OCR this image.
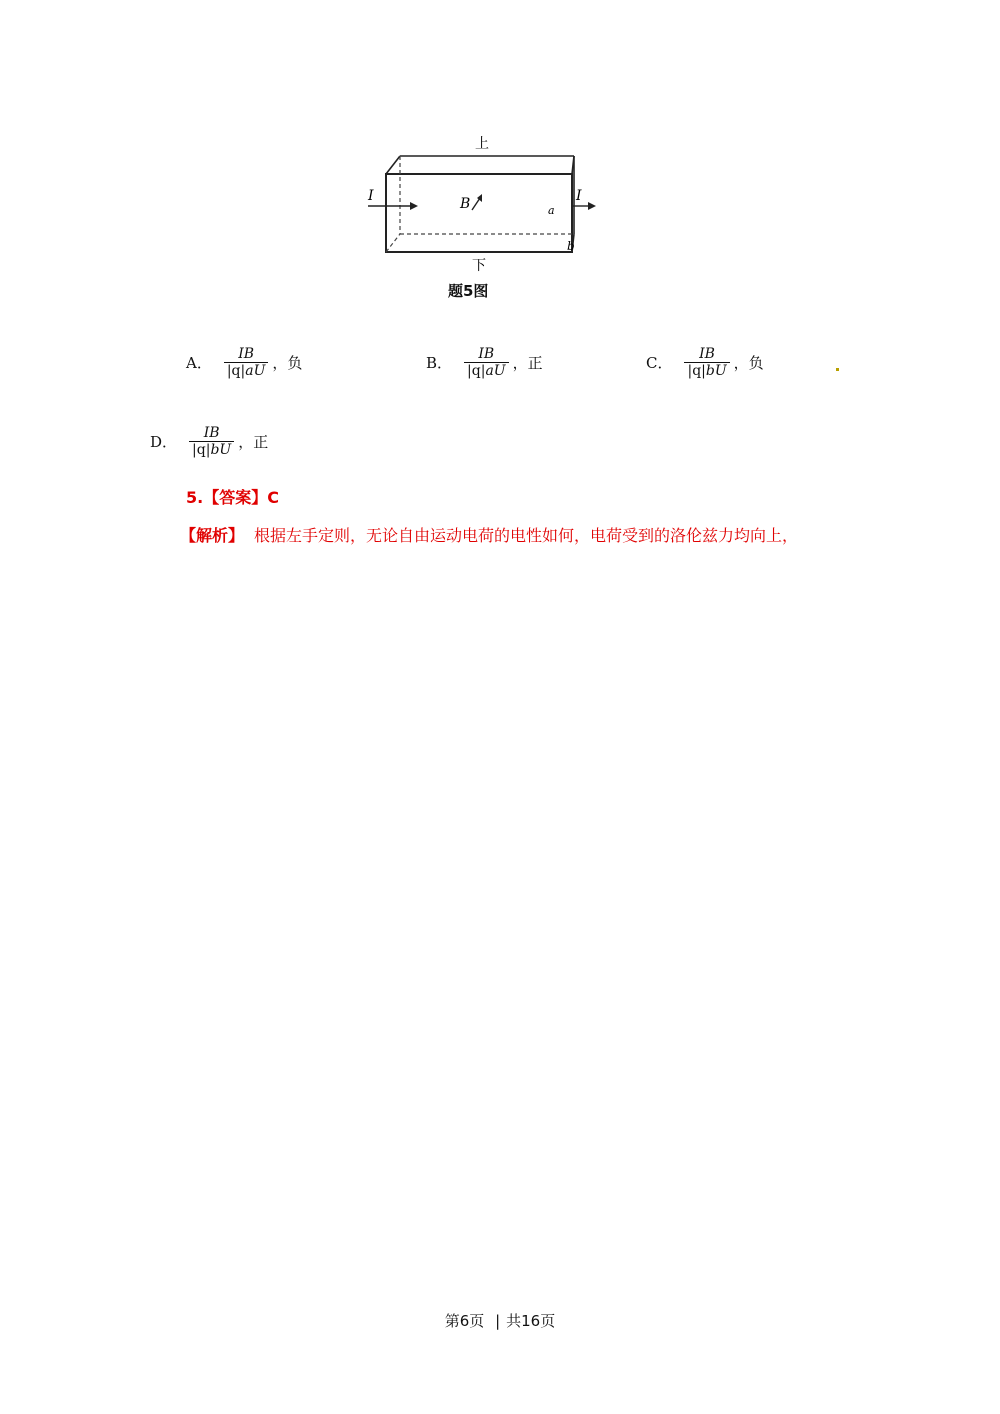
上
下
I	I
B	a
b
题5图
A． $\frac{IB}{|q|aU}$ ，负	B． $\frac{IB}{|q|aU}$ ，正	C． $\frac{IB}{|q|bU}$ ，负
D． $\frac{IB}{|q|bU}$ ，正
5.【答案】C
【解析】 根据左手定则，无论自由运动电荷的电性如何，电荷受到的洛伦兹力均向上，
第6页 | 共16页
